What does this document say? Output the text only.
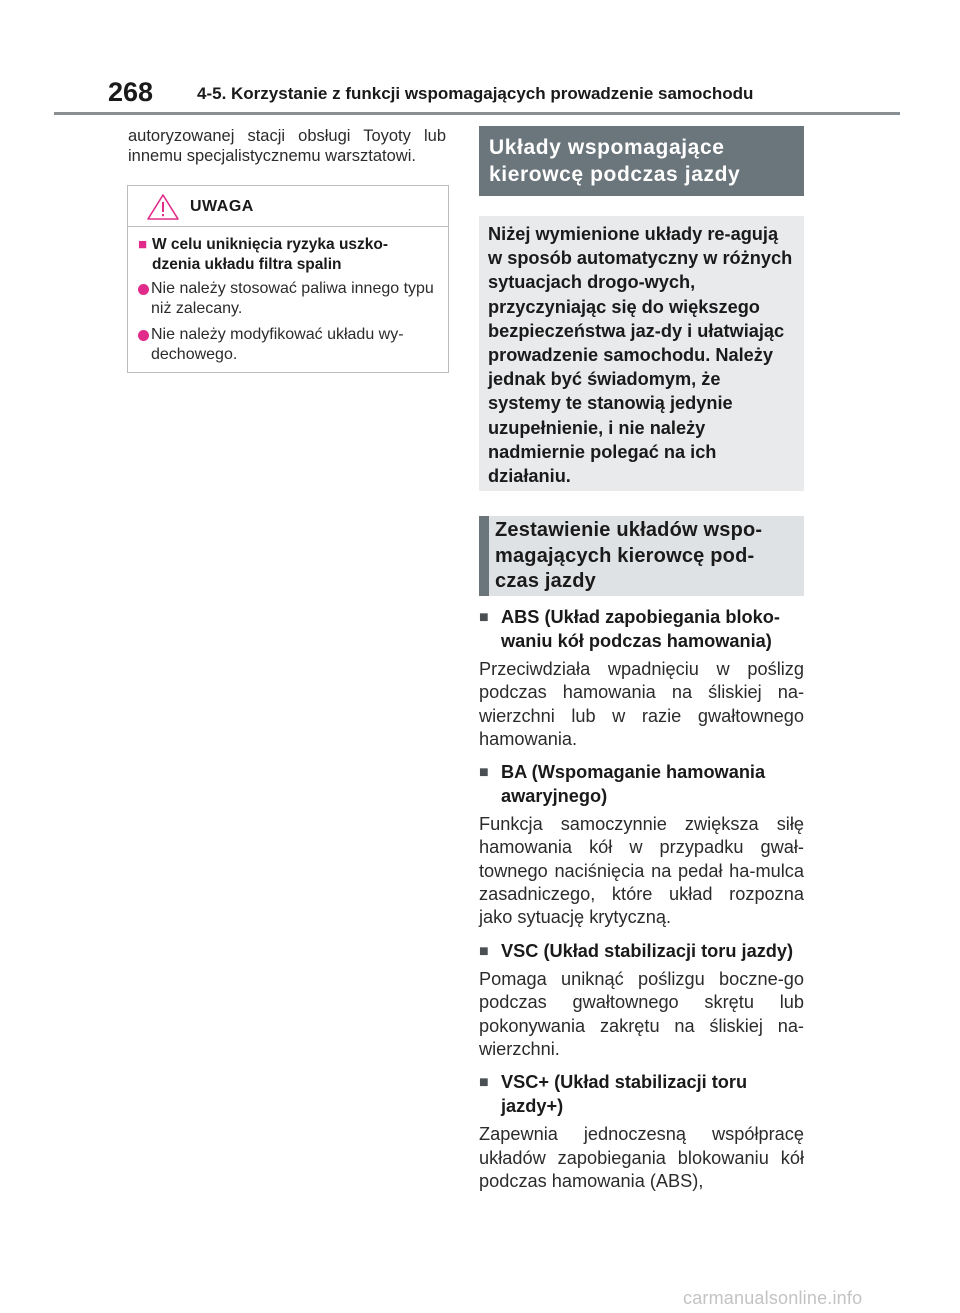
268	4-5. Korzystanie z funkcji wspomagających prowadzenie samochodu

autoryzowanej stacji obsługi Toyoty lub innemu specjalistycznemu warsztatowi.

UWAGA
■ W celu uniknięcia ryzyka uszko-dzenia układu filtra spalin
Nie należy stosować paliwa innego typu niż zalecany.
Nie należy modyfikować układu wy-dechowego.
Układy wspomagające kierowcę podczas jazdy
Niżej wymienione układy re-agują w sposób automatyczny w różnych sytuacjach drogo-wych, przyczyniając się do większego bezpieczeństwa jaz-dy i ułatwiając prowadzenie samochodu. Należy jednak być świadomym, że systemy te stanowią jedynie uzupełnienie, i nie należy nadmiernie polegać na ich działaniu.
Zestawienie układów wspo-magających kierowcę pod-czas jazdy
■ ABS (Układ zapobiegania bloko-waniu kół podczas hamowania)

Przeciwdziała wpadnięciu w poślizg podczas hamowania na śliskiej na-wierzchni lub w razie gwałtownego hamowania.

■ BA (Wspomaganie hamowania awaryjnego)

Funkcja samoczynnie zwiększa siłę hamowania kół w przypadku gwał-townego naciśnięcia na pedał ha-mulca zasadniczego, które układ rozpozna jako sytuację krytyczną.

■ VSC (Układ stabilizacji toru jazdy)

Pomaga uniknąć poślizgu boczne-go podczas gwałtownego skrętu lub pokonywania zakrętu na śliskiej na-wierzchni.

■ VSC+ (Układ stabilizacji toru jazdy+)

Zapewnia jednoczesną współpracę układów zapobiegania blokowaniu kół podczas hamowania (ABS),

carmanualsonline.info
